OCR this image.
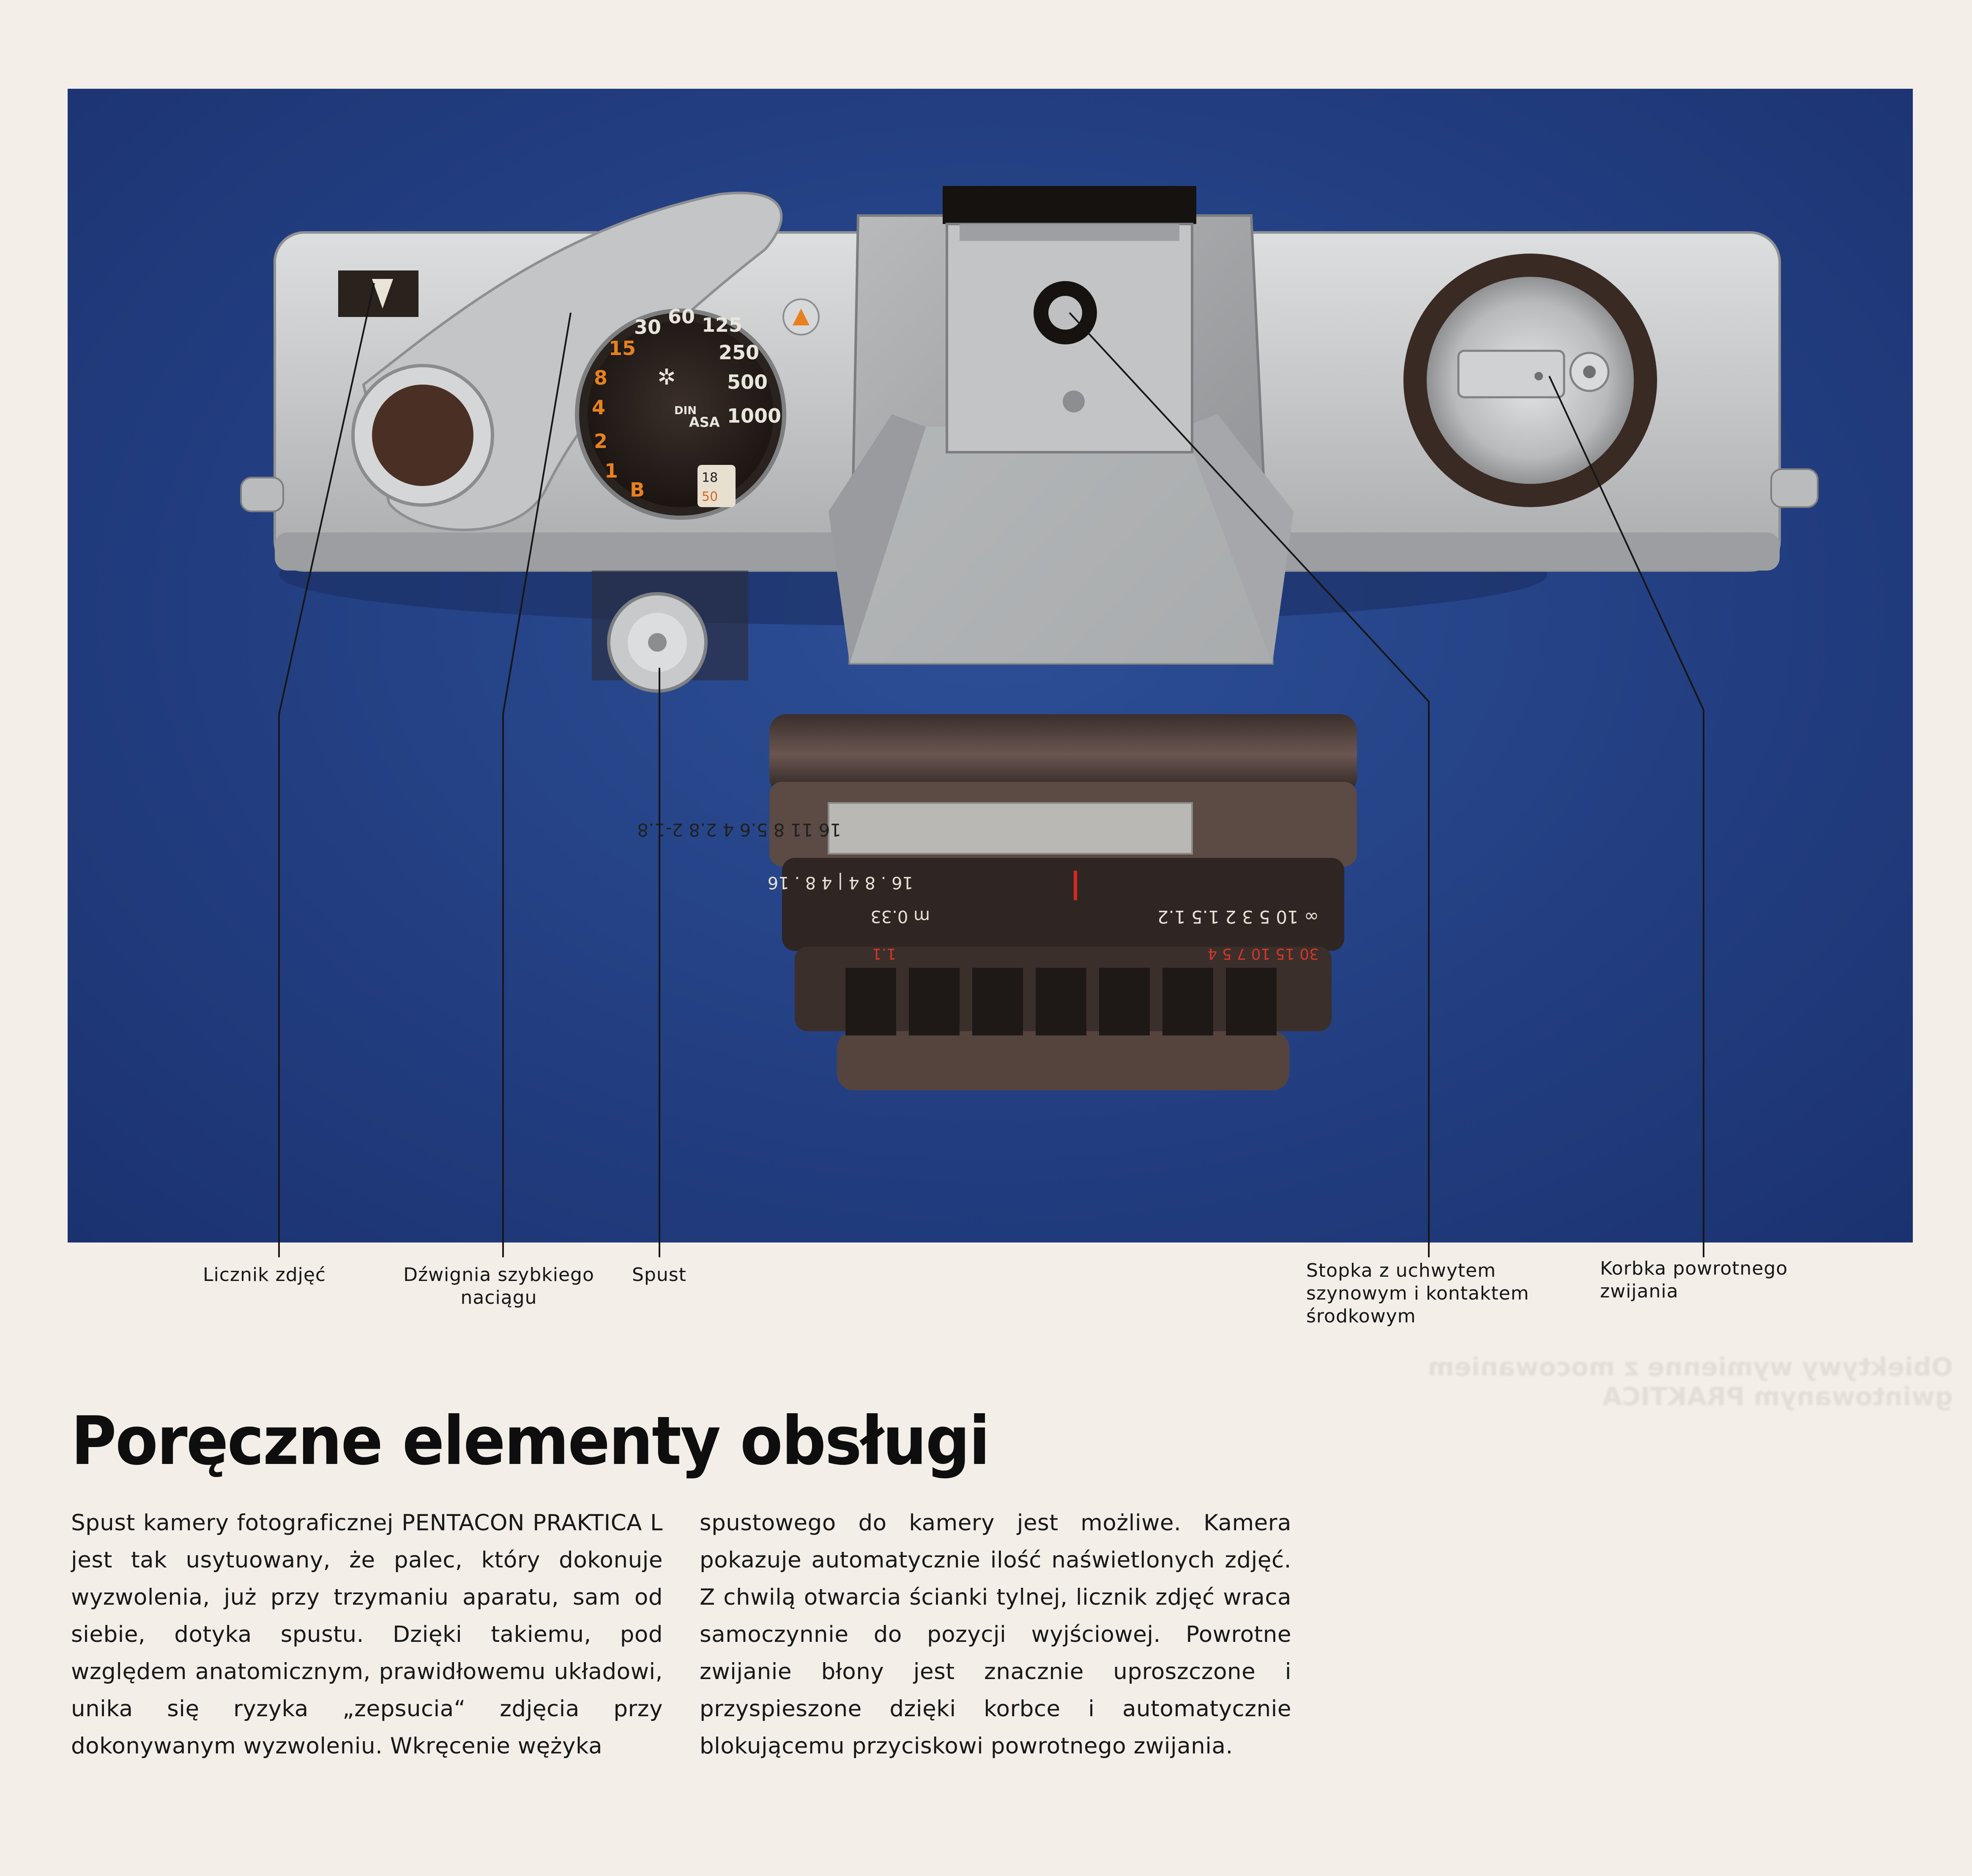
15
30 60 125
250
500
1000
8
4
2
1
B
ASA
DIN
✲
18
50
16 11 8 5.6 4 2.8 2-1.8
16 . 8 4 | 4 8 . 16
∞ 10 5 3 2 1.5 1.2
m 0.33
30 15 10 7 5 4
1.1
Licznik zdjęć	Dźwignia szybkiego
naciągu
Spust	Stopka z uchwytem
szynowym i kontaktem
środkowym
Korbka powrotnego
zwijania
Poręczne elementy obsługi

Spust kamery fotograficznej PENTACON PRAKTICA L jest tak usytuowany, że palec, który dokonuje wyzwolenia, już przy trzymaniu aparatu, sam od siebie, dotyka spustu. Dzięki takiemu, pod względem anatomicznym, prawidłowemu układowi, unika się ryzyka „zepsucia“ zdjęcia przy dokonywanym wyzwoleniu. Wkręcenie wężyka

spustowego do kamery jest możliwe. Kamera pokazuje automatycznie ilość naświetlonych zdjęć. Z chwilą otwarcia ścianki tylnej, licznik zdjęć wraca samoczynnie do pozycji wyjściowej. Powrotne zwijanie błony jest znacznie uproszczone i przyspieszone dzięki korbce i automatycznie blokującemu przyciskowi powrotnego zwijania.

Obiektywy wymienne z mocowaniem gwintowanym PRAKTICA
